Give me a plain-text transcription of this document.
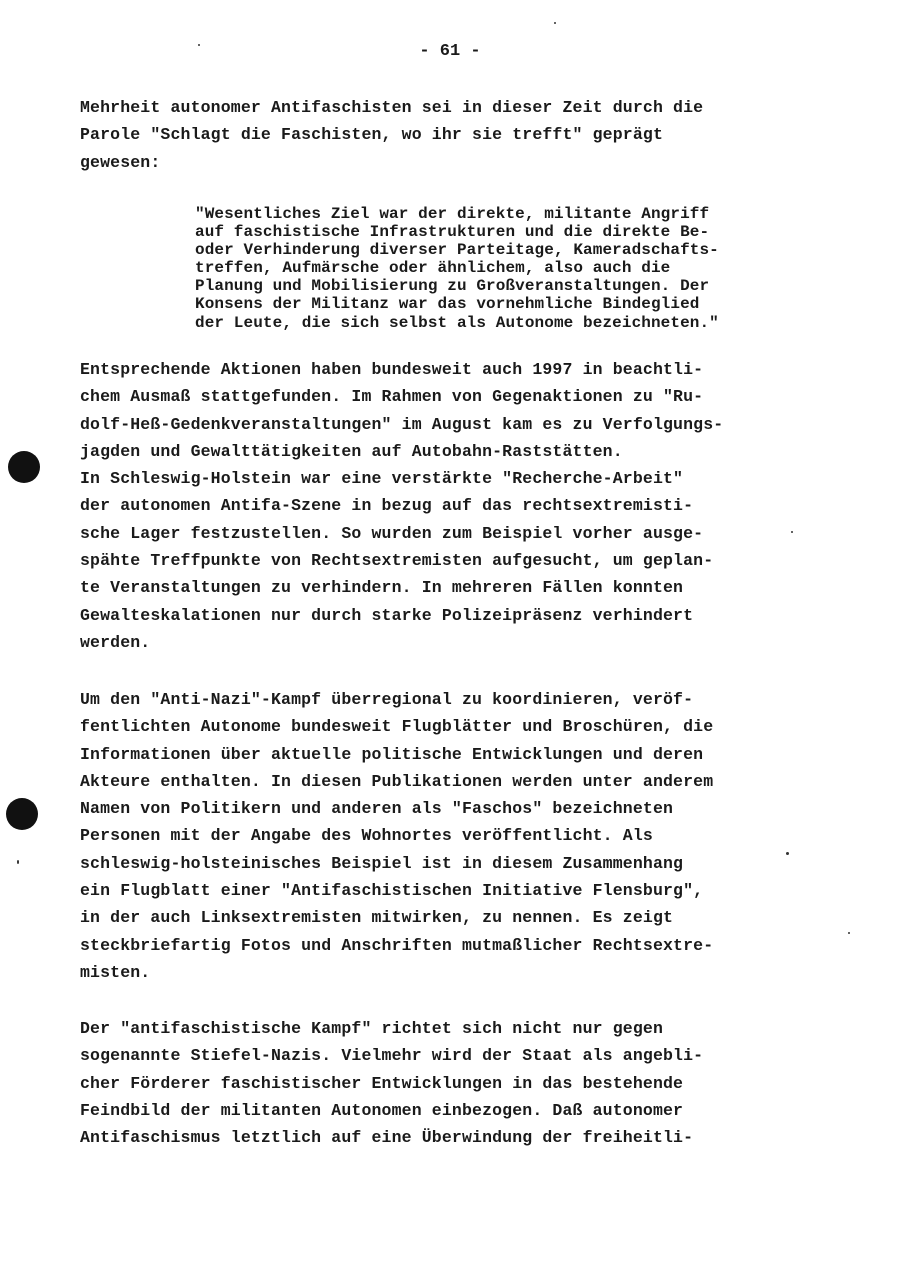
- 61 -
Mehrheit autonomer Antifaschisten sei in dieser Zeit durch die
Parole "Schlagt die Faschisten, wo ihr sie trefft" geprägt
gewesen:
"Wesentliches Ziel war der direkte, militante Angriff
auf faschistische Infrastrukturen und die direkte Be-
oder Verhinderung diverser Parteitage, Kameradschafts-
treffen, Aufmärsche oder ähnlichem, also auch die
Planung und Mobilisierung zu Großveranstaltungen. Der
Konsens der Militanz war das vornehmliche Bindeglied
der Leute, die sich selbst als Autonome bezeichneten."
Entsprechende Aktionen haben bundesweit auch 1997 in beachtli-
chem Ausmaß stattgefunden. Im Rahmen von Gegenaktionen zu "Ru-
dolf-Heß-Gedenkveranstaltungen" im August kam es zu Verfolgungs-
jagden und Gewalttätigkeiten auf Autobahn-Raststätten.
In Schleswig-Holstein war eine verstärkte "Recherche-Arbeit"
der autonomen Antifa-Szene in bezug auf das rechtsextremisti-
sche Lager festzustellen. So wurden zum Beispiel vorher ausge-
spähte Treffpunkte von Rechtsextremisten aufgesucht, um geplan-
te Veranstaltungen zu verhindern. In mehreren Fällen konnten
Gewalteskalationen nur durch starke Polizeipräsenz verhindert
werden.
Um den "Anti-Nazi"-Kampf überregional zu koordinieren, veröf-
fentlichten Autonome bundesweit Flugblätter und Broschüren, die
Informationen über aktuelle politische Entwicklungen und deren
Akteure enthalten. In diesen Publikationen werden unter anderem
Namen von Politikern und anderen als "Faschos" bezeichneten
Personen mit der Angabe des Wohnortes veröffentlicht. Als
schleswig-holsteinisches Beispiel ist in diesem Zusammenhang
ein Flugblatt einer "Antifaschistischen Initiative Flensburg",
in der auch Linksextremisten mitwirken, zu nennen. Es zeigt
steckbriefartig Fotos und Anschriften mutmaßlicher Rechtsextre-
misten.
Der "antifaschistische Kampf" richtet sich nicht nur gegen
sogenannte Stiefel-Nazis. Vielmehr wird der Staat als angebli-
cher Förderer faschistischer Entwicklungen in das bestehende
Feindbild der militanten Autonomen einbezogen. Daß autonomer
Antifaschismus letztlich auf eine Überwindung der freiheitli-
